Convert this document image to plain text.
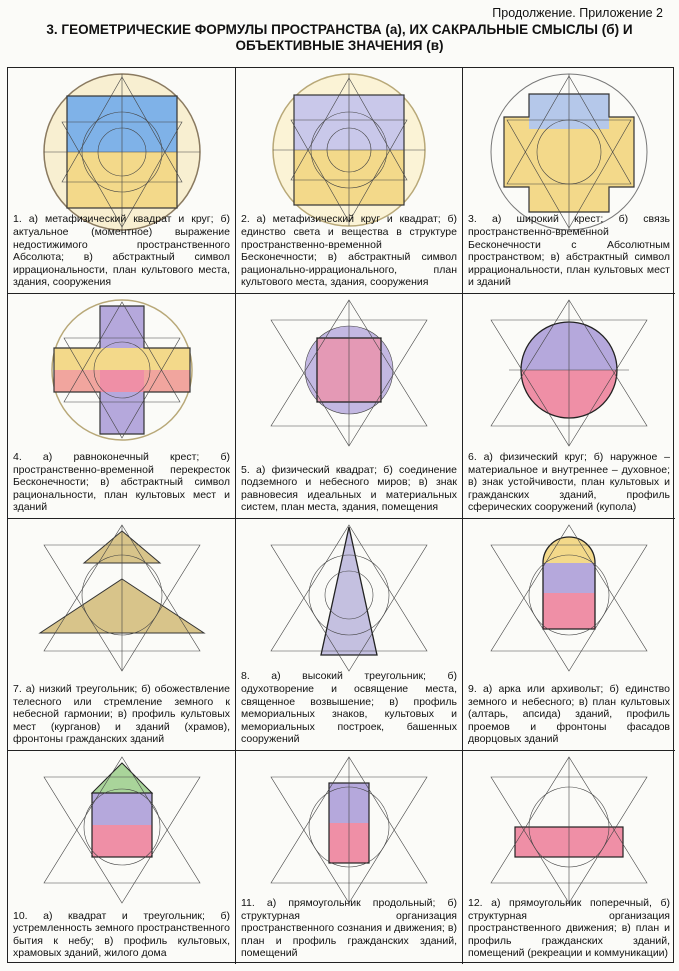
Продолжение. Приложение 2
3. ГЕОМЕТРИЧЕСКИЕ ФОРМУЛЫ ПРОСТРАНСТВА (а), ИХ САКРАЛЬНЫЕ СМЫСЛЫ (б) И ОБЪЕКТИВНЫЕ ЗНАЧЕНИЯ (в)
1. а) метафизический квадрат и круг; б) актуальное (моментное) выражение недостижимого пространственного Абсолюта; в) абстрактный символ иррациональности, план культового места, здания, сооружения
2. а) метафизический круг и квадрат; б) единство света и вещества в структуре пространственно-временной Бесконечности; в) абстрактный символ рационально-иррационального, план культового места, здания, сооружения
3. а) широкий крест; б) связь пространственно-временной Бесконечности с Абсолютным пространством; в) абстрактный символ иррациональности, план культовых мест и зданий
4. а) равноконечный крест; б) пространственно-временной перекресток Бесконечности; в) абстрактный символ рациональности, план культовых мест и зданий
5. а) физический квадрат; б) соединение подземного и небесного миров; в) знак равновесия идеальных и материальных систем, план места, здания, помещения
6. а) физический круг; б) наружное – материальное и внутреннее – духовное; в) знак устойчивости, план культовых и гражданских зданий, профиль сферических сооружений (купола)
7. а) низкий треугольник; б) обожествление телесного или стремление земного к небесной гармонии; в) профиль культовых мест (курганов) и зданий (храмов), фронтоны гражданских зданий
8. а) высокий треугольник; б) одухотворение и освящение места, священное возвышение; в) профиль мемориальных знаков, культовых и мемориальных построек, башенных сооружений
9. а) арка или архивольт; б) единство земного и небесного; в) план культовых (алтарь, апсида) зданий, профиль проемов и фронтоны фасадов дворцовых зданий
10. а) квадрат и треугольник; б) устремленность земного пространственного бытия к небу; в) профиль культовых, храмовых зданий, жилого дома
11. а) прямоугольник продольный; б) структурная организация пространственного сознания и движения; в) план и профиль гражданских зданий, помещений
12. а) прямоугольник поперечный, б) структурная организация пространственного движения; в) план и профиль гражданских зданий, помещений (рекреации и коммуникации)
